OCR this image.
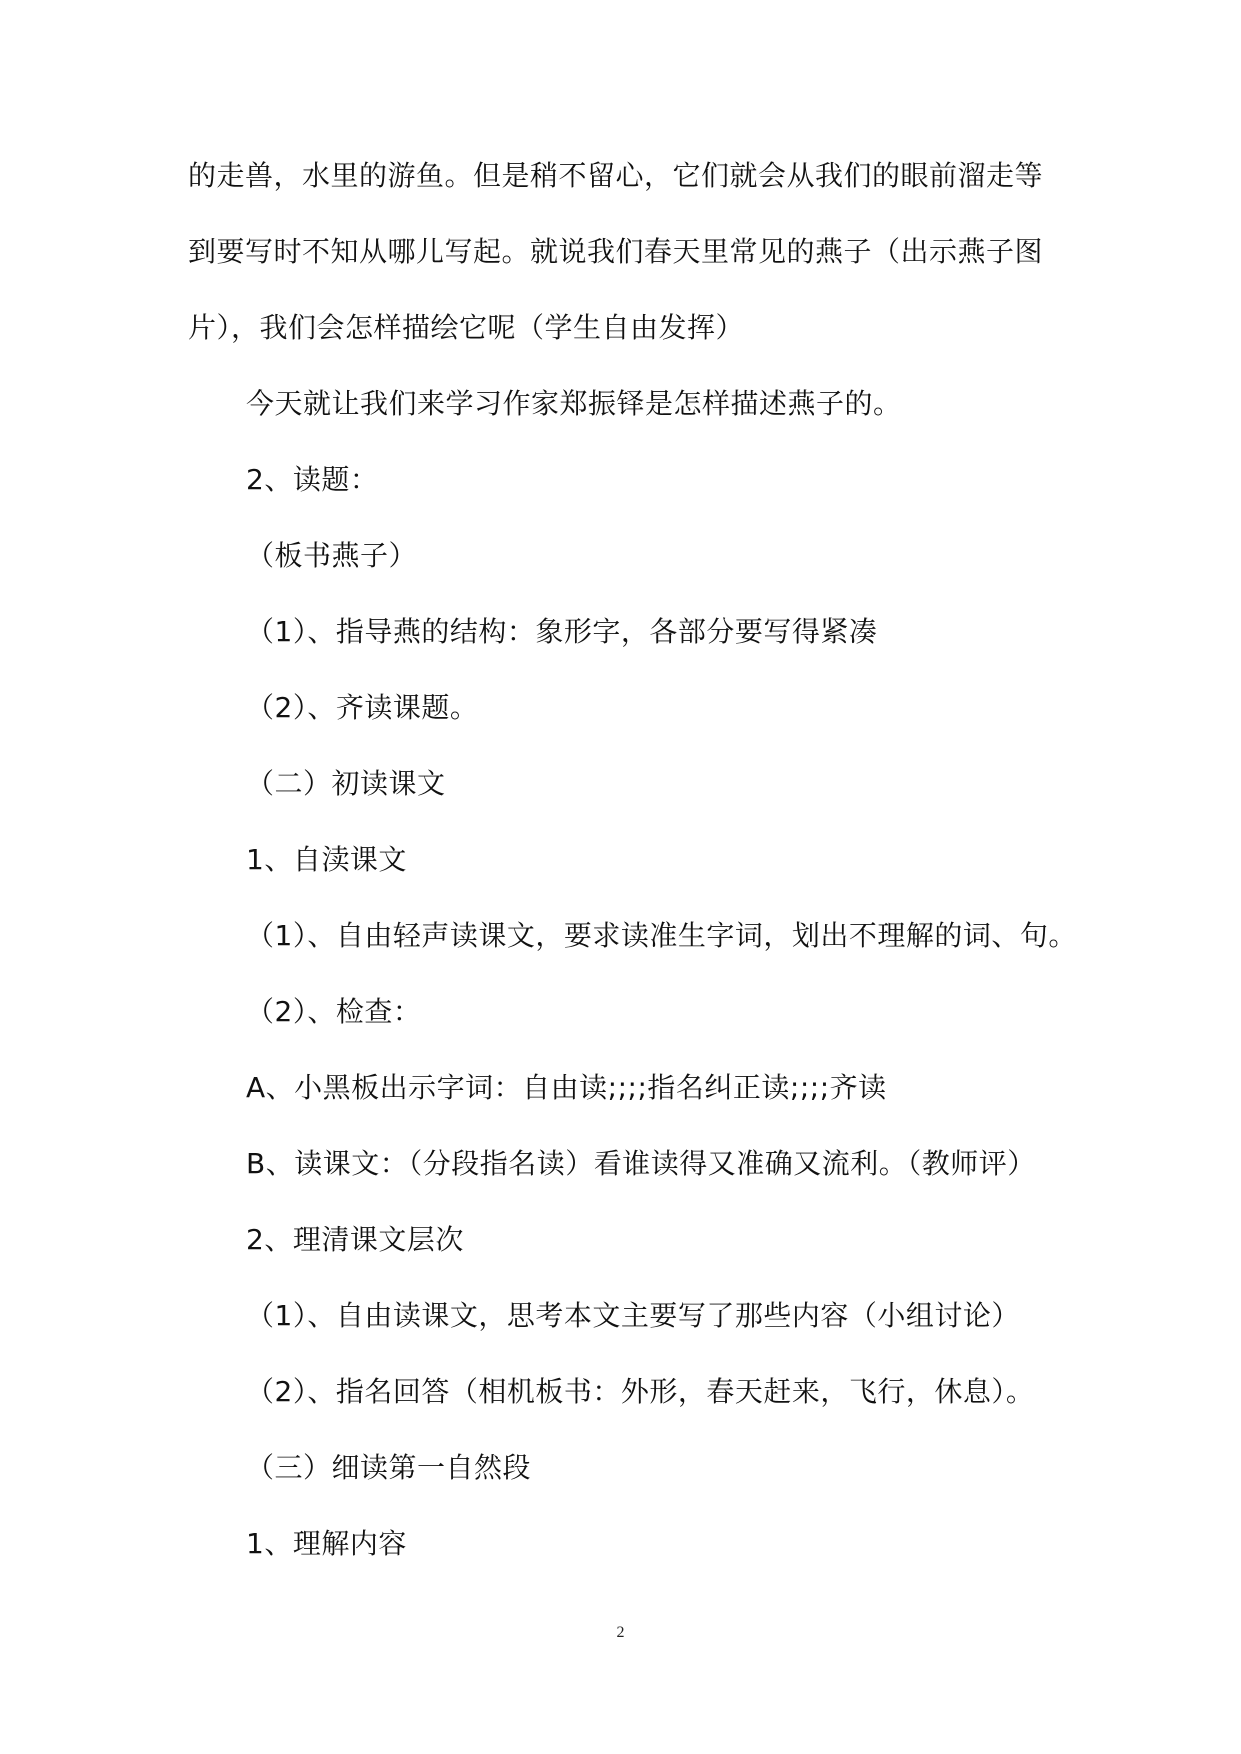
的走兽，水里的游鱼。但是稍不留心，它们就会从我们的眼前溜走等
到要写时不知从哪儿写起。就说我们春天里常见的燕子（出示燕子图
片），我们会怎样描绘它呢（学生自由发挥）
今天就让我们来学习作家郑振铎是怎样描述燕子的。
2、读题：
（板书燕子）
（1）、指导燕的结构：象形字，各部分要写得紧凑
（2）、齐读课题。
（二）初读课文
1、自渎课文
（1）、自由轻声读课文，要求读准生字词，划出不理解的词、句。
（2）、检查：
A、小黑板出示字词：自由读;;;;指名纠正读;;;;齐读
B、读课文：（分段指名读）看谁读得又准确又流利。（教师评）
2、理清课文层次
（1）、自由读课文，思考本文主要写了那些内容（小组讨论）
（2）、指名回答（相机板书：外形，春天赶来，飞行，休息）。
（三）细读第一自然段
1、理解内容
2
